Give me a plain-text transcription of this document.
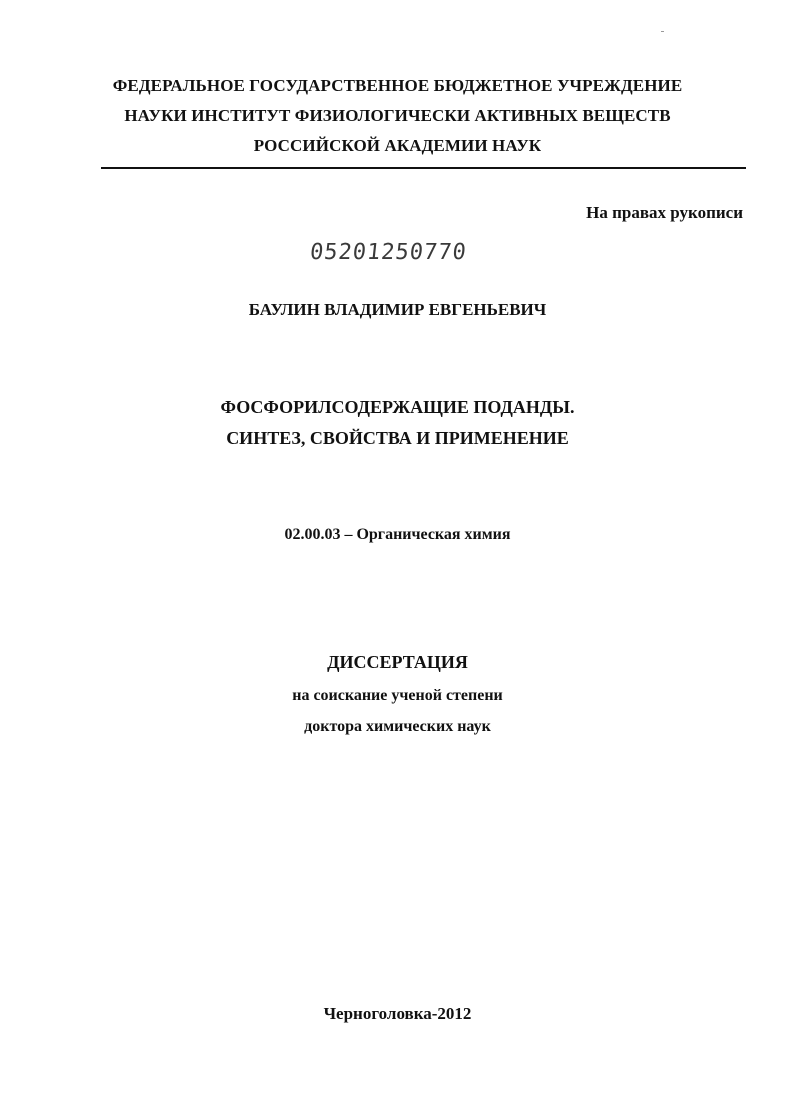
ФЕДЕРАЛЬНОЕ ГОСУДАРСТВЕННОЕ БЮДЖЕТНОЕ УЧРЕЖДЕНИЕ
НАУКИ ИНСТИТУТ ФИЗИОЛОГИЧЕСКИ АКТИВНЫХ ВЕЩЕСТВ
РОССИЙСКОЙ АКАДЕМИИ НАУК
На правах рукописи
05201250770
БАУЛИН ВЛАДИМИР ЕВГЕНЬЕВИЧ
ФОСФОРИЛСОДЕРЖАЩИЕ ПОДАНДЫ.
СИНТЕЗ, СВОЙСТВА И ПРИМЕНЕНИЕ
02.00.03 – Органическая химия
ДИССЕРТАЦИЯ
на соискание ученой степени
доктора химических наук
Черноголовка-2012
